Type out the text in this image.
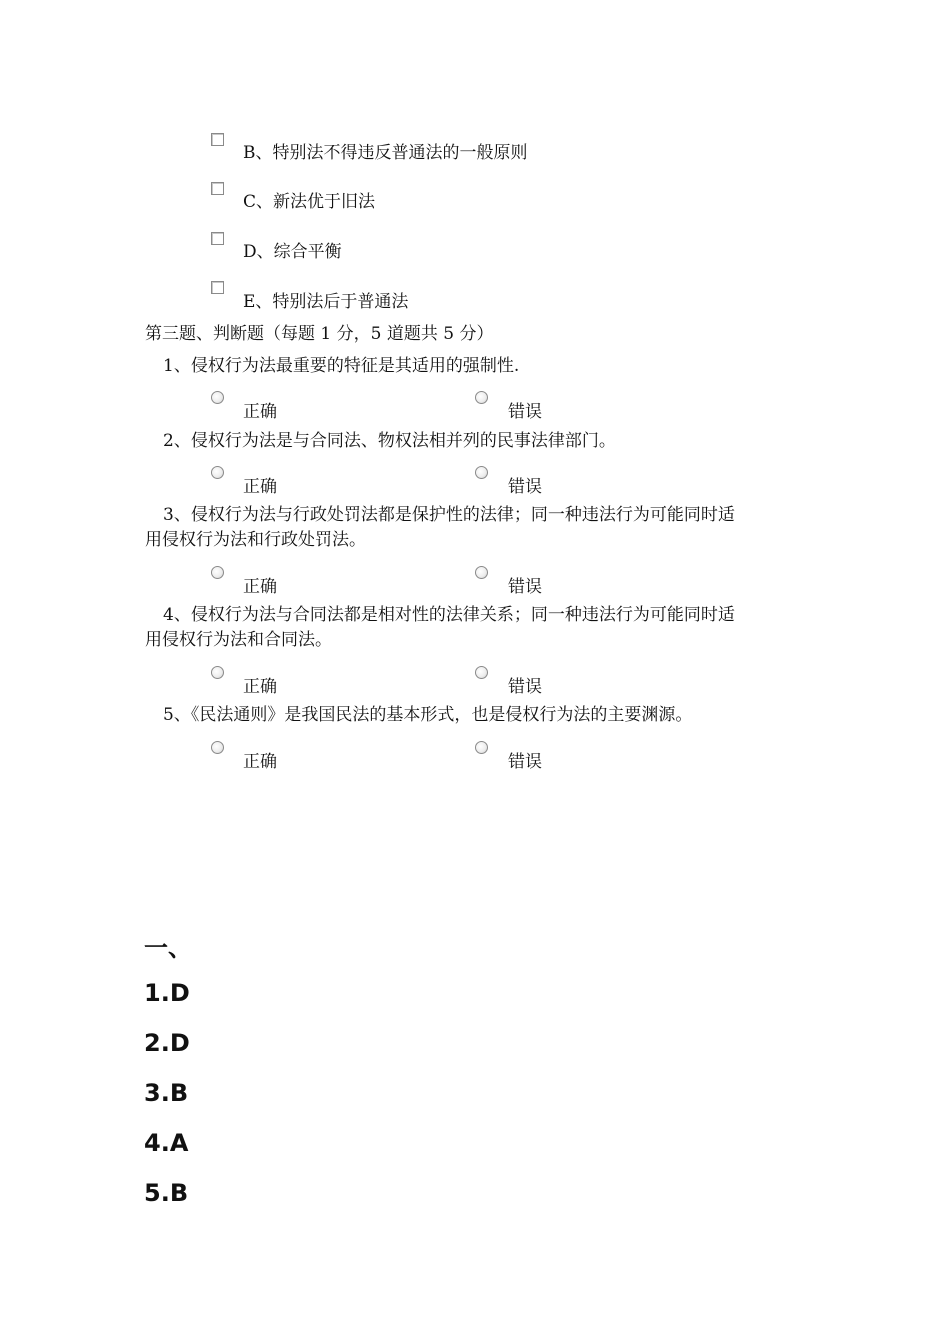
B、特别法不得违反普通法的一般原则
C、新法优于旧法
D、综合平衡
E、特别法后于普通法
第三题、判断题（每题 1 分，5 道题共 5 分）
1、侵权行为法最重要的特征是其适用的强制性.
正确	错误
2、侵权行为法是与合同法、物权法相并列的民事法律部门。
正确	错误
3、侵权行为法与行政处罚法都是保护性的法律；同一种违法行为可能同时适
用侵权行为法和行政处罚法。
正确	错误
4、侵权行为法与合同法都是相对性的法律关系；同一种违法行为可能同时适
用侵权行为法和合同法。
正确	错误
5、《民法通则》是我国民法的基本形式，也是侵权行为法的主要渊源。
正确	错误
一、
1.D
2.D
3.B
4.A
5.B
